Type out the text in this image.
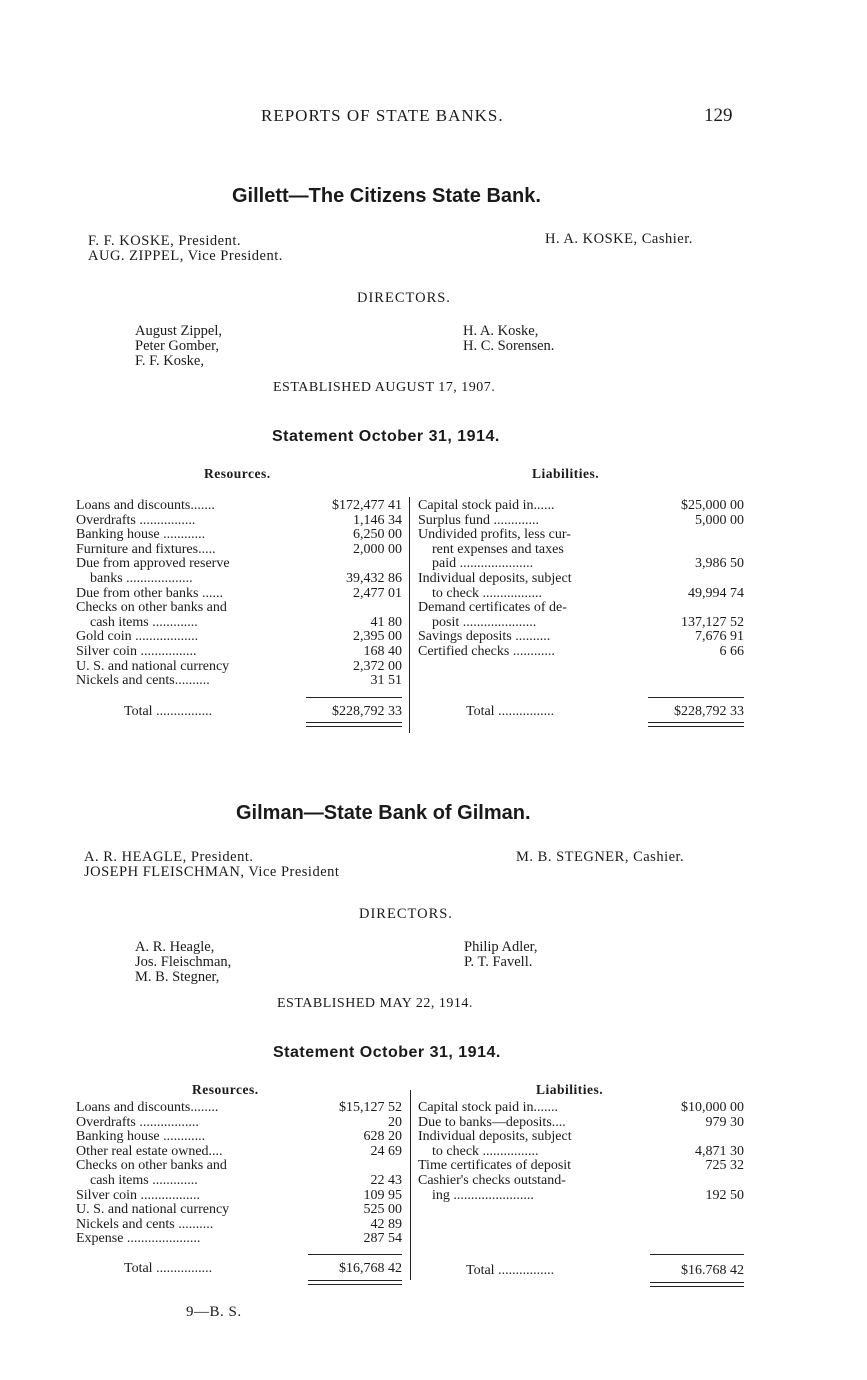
REPORTS OF STATE BANKS.	129
Gillett—The Citizens State Bank.
F. F. KOSKE, President.
AUG. ZIPPEL, Vice President.
H. A. KOSKE, Cashier.
DIRECTORS.
August Zippel,
Peter Gomber,
F. F. Koske,
H. A. Koske,
H. C. Sorensen.
ESTABLISHED AUGUST 17, 1907.
Statement October 31, 1914.
Resources.	Liabilities.
Loans and discounts.......	$172,477 41
Overdrafts ................	1,146 34
Banking house ............	6,250 00
Furniture and fixtures.....	2,000 00
Due from approved reserve
banks ...................	39,432 86
Due from other banks ......	2,477 01
Checks on other banks and
cash items .............	41 80
Gold coin ..................	2,395 00
Silver coin ................	168 40
U. S. and national currency	2,372 00
Nickels and cents..........	31 51
Capital stock paid in......	$25,000 00
Surplus fund .............	5,000 00
Undivided profits, less cur-
rent expenses and taxes
paid .....................	3,986 50
Individual deposits, subject
to check .................	49,994 74
Demand certificates of de-
posit .....................	137,127 52
Savings deposits ..........	7,676 91
Certified checks ............	6 66
Total ................	$228,792 33	Total ................	$228,792 33
Gilman—State Bank of Gilman.
A. R. HEAGLE, President.
JOSEPH FLEISCHMAN, Vice President
M. B. STEGNER, Cashier.
DIRECTORS.
A. R. Heagle,
Jos. Fleischman,
M. B. Stegner,
Philip Adler,
P. T. Favell.
ESTABLISHED MAY 22, 1914.
Statement October 31, 1914.
Resources.	Liabilities.
Loans and discounts........	$15,127 52
Overdrafts .................	20
Banking house ............	628 20
Other real estate owned....	24 69
Checks on other banks and
cash items .............	22 43
Silver coin .................	109 95
U. S. and national currency	525 00
Nickels and cents ..........	42 89
Expense .....................	287 54
Capital stock paid in.......	$10,000 00
Due to banks—deposits....	979 30
Individual deposits, subject
to check ................	4,871 30
Time certificates of deposit	725 32
Cashier's checks outstand-
ing .......................	192 50
Total ................	$16,768 42	Total ................	$16.768 42
9—B. S.
